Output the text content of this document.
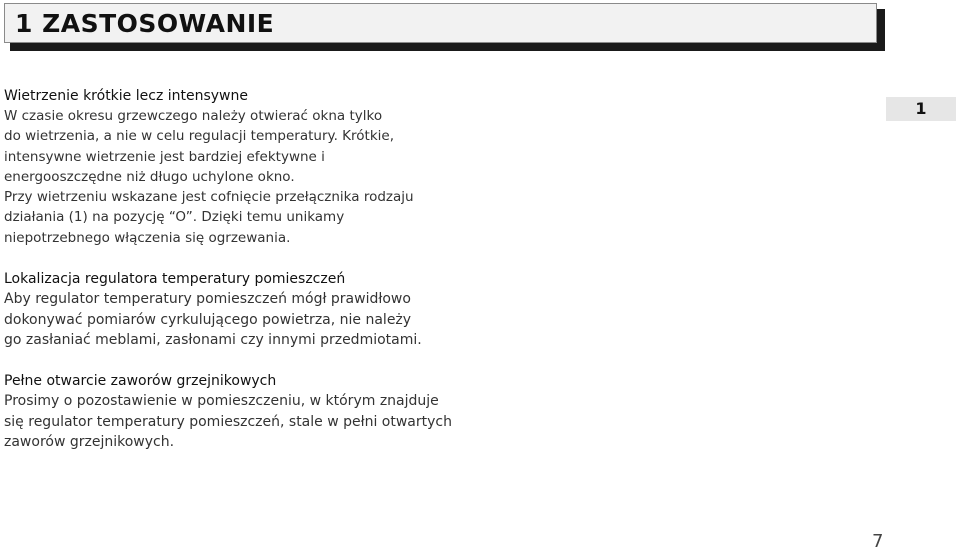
1 ZASTOSOWANIE
1
Wietrzenie krótkie lecz intensywne
W czasie okresu grzewczego należy otwierać okna tylko
do wietrzenia, a nie w celu regulacji temperatury. Krótkie,
intensywne wietrzenie jest bardziej efektywne i
energooszczędne niż długo uchylone okno.
Przy wietrzeniu wskazane jest cofnięcie przełącznika rodzaju
działania (1) na pozycję “O”. Dzięki temu unikamy
niepotrzebnego włączenia się ogrzewania.
Lokalizacja regulatora temperatury pomieszczeń
Aby regulator temperatury pomieszczeń mógł prawidłowo
dokonywać pomiarów cyrkulującego powietrza, nie należy
go zasłaniać meblami, zasłonami czy innymi przedmiotami.
Pełne otwarcie zaworów grzejnikowych
Prosimy o pozostawienie w pomieszczeniu, w którym znajduje
się regulator temperatury pomieszczeń, stale w pełni otwartych
zaworów grzejnikowych.
7
